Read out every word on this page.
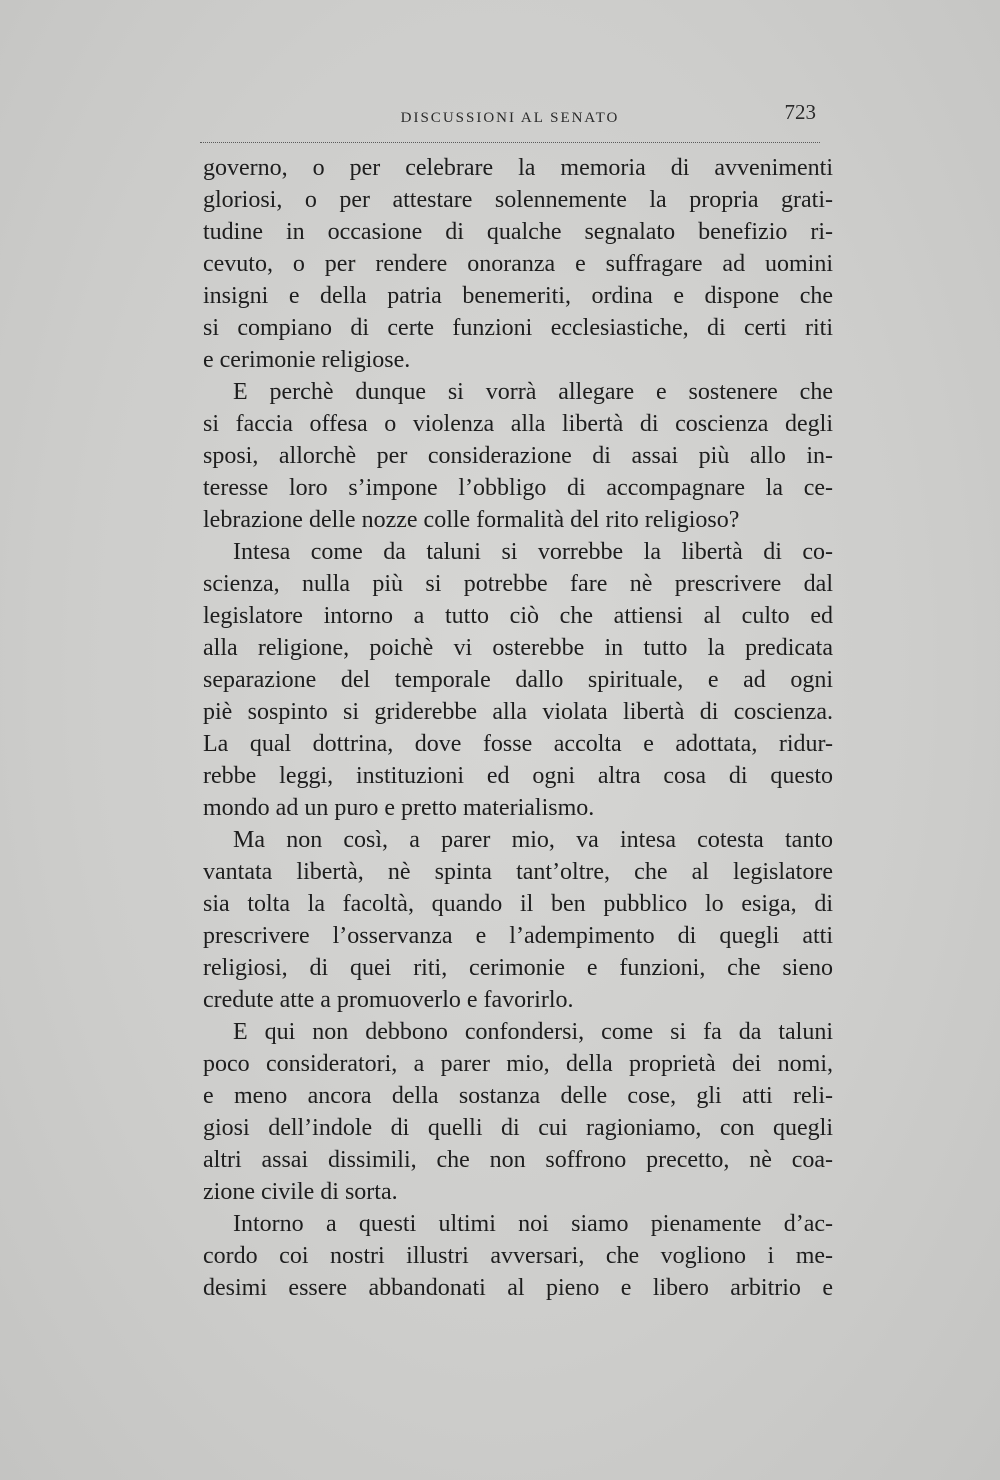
DISCUSSIONI AL SENATO	723
governo, o per celebrare la memoria di avvenimenti
gloriosi, o per attestare solennemente la propria grati-
tudine in occasione di qualche segnalato benefizio ri-
cevuto, o per rendere onoranza e suffragare ad uomini
insigni e della patria benemeriti, ordina e dispone che
si compiano di certe funzioni ecclesiastiche, di certi riti
e cerimonie religiose.
E perchè dunque si vorrà allegare e sostenere che
si faccia offesa o violenza alla libertà di coscienza degli
sposi, allorchè per considerazione di assai più allo in-
teresse loro s’impone l’obbligo di accompagnare la ce-
lebrazione delle nozze colle formalità del rito religioso?
Intesa come da taluni si vorrebbe la libertà di co-
scienza, nulla più si potrebbe fare nè prescrivere dal
legislatore intorno a tutto ciò che attiensi al culto ed
alla religione, poichè vi osterebbe in tutto la predicata
separazione del temporale dallo spirituale, e ad ogni
piè sospinto si griderebbe alla violata libertà di coscienza.
La qual dottrina, dove fosse accolta e adottata, ridur-
rebbe leggi, instituzioni ed ogni altra cosa di questo
mondo ad un puro e pretto materialismo.
Ma non così, a parer mio, va intesa cotesta tanto
vantata libertà, nè spinta tant’oltre, che al legislatore
sia tolta la facoltà, quando il ben pubblico lo esiga, di
prescrivere l’osservanza e l’adempimento di quegli atti
religiosi, di quei riti, cerimonie e funzioni, che sieno
credute atte a promuoverlo e favorirlo.
E qui non debbono confondersi, come si fa da taluni
poco consideratori, a parer mio, della proprietà dei nomi,
e meno ancora della sostanza delle cose, gli atti reli-
giosi dell’indole di quelli di cui ragioniamo, con quegli
altri assai dissimili, che non soffrono precetto, nè coa-
zione civile di sorta.
Intorno a questi ultimi noi siamo pienamente d’ac-
cordo coi nostri illustri avversari, che vogliono i me-
desimi essere abbandonati al pieno e libero arbitrio e
